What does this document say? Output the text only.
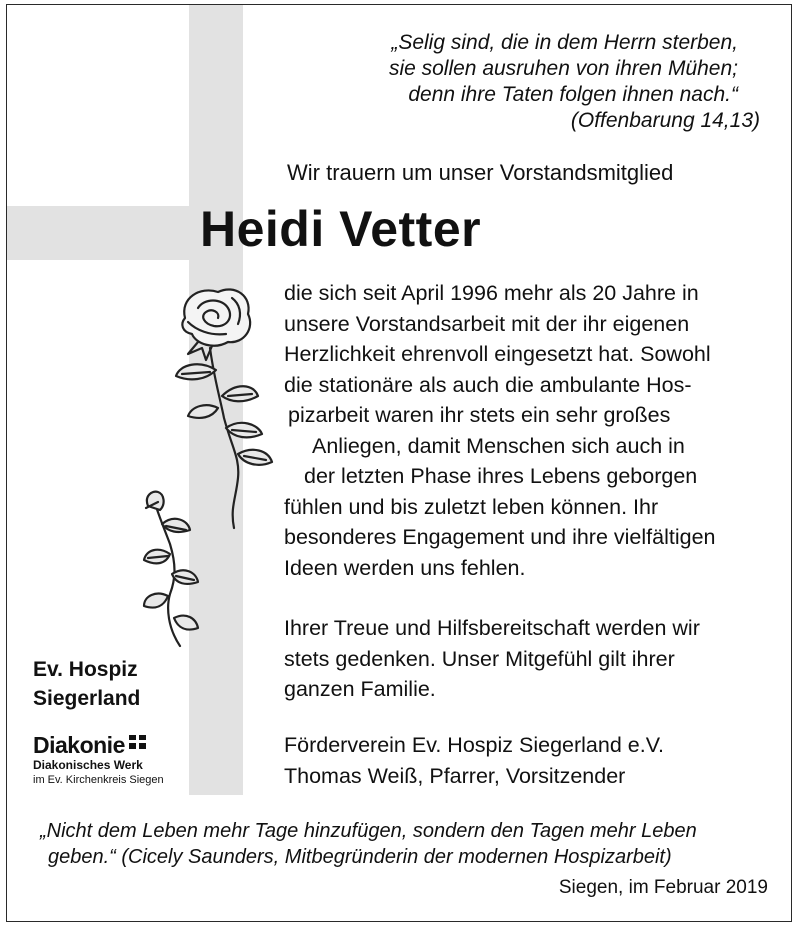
„Selig sind, die in dem Herrn sterben,
sie sollen ausruhen von ihren Mühen;
denn ihre Taten folgen ihnen nach.“
(Offenbarung 14,13)
Wir trauern um unser Vorstandsmitglied
Heidi Vetter
die sich seit April 1996 mehr als 20 Jahre in
unsere Vorstandsarbeit mit der ihr eigenen
Herzlichkeit ehrenvoll eingesetzt hat. Sowohl
die stationäre als auch die ambulante Hos-
pizarbeit waren ihr stets ein sehr großes
Anliegen, damit Menschen sich auch in
der letzten Phase ihres Lebens geborgen
fühlen und bis zuletzt leben können. Ihr
besonderes Engagement und ihre vielfältigen
Ideen werden uns fehlen.
Ihrer Treue und Hilfsbereitschaft werden wir
stets gedenken. Unser Mitgefühl gilt ihrer
ganzen Familie.
Ev. Hospiz
Siegerland
Diakonie
Diakonisches Werk
im Ev. Kirchenkreis Siegen
Förderverein Ev. Hospiz Siegerland e.V.
Thomas Weiß, Pfarrer, Vorsitzender
„Nicht dem Leben mehr Tage hinzufügen, sondern den Tagen mehr Leben
geben.“ (Cicely Saunders, Mitbegründerin der modernen Hospizarbeit)
Siegen, im Februar 2019
